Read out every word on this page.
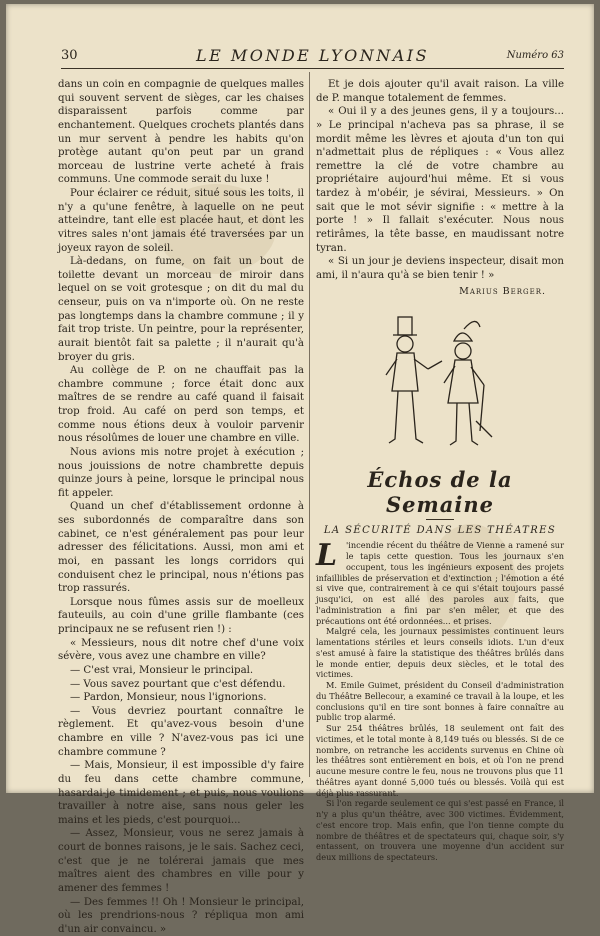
30	LE MONDE LYONNAIS	Numéro 63

dans un coin en compagnie de quelques malles qui souvent servent de sièges, car les chaises disparaissent parfois comme par enchantement. Quelques crochets plantés dans un mur servent à pendre les habits qu'on protège autant qu'on peut par un grand morceau de lustrine verte acheté à frais communs. Une commode serait du luxe !

Pour éclairer ce réduit, situé sous les toits, il n'y a qu'une fenêtre, à laquelle on ne peut atteindre, tant elle est placée haut, et dont les vitres sales n'ont jamais été traversées par un joyeux rayon de soleil.

Là-dedans, on fume, on fait un bout de toilette devant un morceau de miroir dans lequel on se voit grotesque ; on dit du mal du censeur, puis on va n'importe où. On ne reste pas longtemps dans la chambre commune ; il y fait trop triste. Un peintre, pour la représenter, aurait bientôt fait sa palette ; il n'aurait qu'à broyer du gris.

Au collège de P. on ne chauffait pas la chambre commune ; force était donc aux maîtres de se rendre au café quand il faisait trop froid. Au café on perd son temps, et comme nous étions deux à vouloir parvenir nous résolûmes de louer une chambre en ville.

Nous avions mis notre projet à exécution ; nous jouissions de notre chambrette depuis quinze jours à peine, lorsque le principal nous fit appeler.

Quand un chef d'établissement ordonne à ses subordonnés de comparaître dans son cabinet, ce n'est généralement pas pour leur adresser des félicitations. Aussi, mon ami et moi, en passant les longs corridors qui conduisent chez le principal, nous n'étions pas trop rassurés.

Lorsque nous fûmes assis sur de moelleux fauteuils, au coin d'une grille flambante (ces principaux ne se refusent rien !) :

« Messieurs, nous dit notre chef d'une voix sévère, vous avez une chambre en ville?

— C'est vrai, Monsieur le principal.

— Vous savez pourtant que c'est défendu.

— Pardon, Monsieur, nous l'ignorions.

— Vous devriez pourtant connaître le règlement. Et qu'avez-vous besoin d'une chambre en ville ? N'avez-vous pas ici une chambre commune ?

— Mais, Monsieur, il est impossible d'y faire du feu dans cette chambre commune, hasardai-je timidement ; et puis, nous voulions travailler à notre aise, sans nous geler les mains et les pieds, c'est pourquoi...

— Assez, Monsieur, vous ne serez jamais à court de bonnes raisons, je le sais. Sachez ceci, c'est que je ne tolérerai jamais que mes maîtres aient des chambres en ville pour y amener des femmes !

— Des femmes !! Oh ! Monsieur le principal, où les prendrions-nous ? répliqua mon ami d'un air convaincu. »

Et je dois ajouter qu'il avait raison. La ville de P. manque totalement de femmes.

« Oui il y a des jeunes gens, il y a toujours... » Le principal n'acheva pas sa phrase, il se mordit même les lèvres et ajouta d'un ton qui n'admettait plus de répliques : « Vous allez remettre la clé de votre chambre au propriétaire aujourd'hui même. Et si vous tardez à m'obéir, je sévirai, Messieurs. » On sait que le mot sévir signifie : « mettre à la porte ! » Il fallait s'exécuter. Nous nous retirâmes, la tête basse, en maudissant notre tyran.

« Si un jour je deviens inspecteur, disait mon ami, il n'aura qu'à se bien tenir ! »

Marius Berger.
Échos de la Semaine
LA SÉCURITÉ DANS LES THÉATRES

L	'incendie récent du théâtre de Vienne a ramené sur le tapis cette question. Tous les journaux s'en occupent, tous les ingénieurs exposent des projets infaillibles de préservation et d'extinction ; l'émotion a été si vive que, contrairement à ce qui s'était toujours passé jusqu'ici, on est allé des paroles aux faits, que l'administration a fini par s'en mêler, et que des précautions ont été ordonnées... et prises.

Malgré cela, les journaux pessimistes continuent leurs lamentations stériles et leurs conseils idiots. L'un d'eux s'est amusé à faire la statistique des théâtres brûlés dans le monde entier, depuis deux siècles, et le total des victimes.

M. Emile Guimet, président du Conseil d'administration du Théâtre Bellecour, a examiné ce travail à la loupe, et les conclusions qu'il en tire sont bonnes à faire connaître au public trop alarmé.

Sur 254 théâtres brûlés, 18 seulement ont fait des victimes, et le total monte à 8,149 tués ou blessés. Si de ce nombre, on retranche les accidents survenus en Chine où les théâtres sont entièrement en bois, et où l'on ne prend aucune mesure contre le feu, nous ne trouvons plus que 11 théâtres ayant donné 5,000 tués ou blessés. Voilà qui est déjà plus rassurant.

Si l'on regarde seulement ce qui s'est passé en France, il n'y a plus qu'un théâtre, avec 300 victimes. Évidemment, c'est encore trop. Mais enfin, que l'on tienne compte du nombre de théâtres et de spectateurs qui, chaque soir, s'y entassent, on trouvera une moyenne d'un accident sur deux millions de spectateurs.
